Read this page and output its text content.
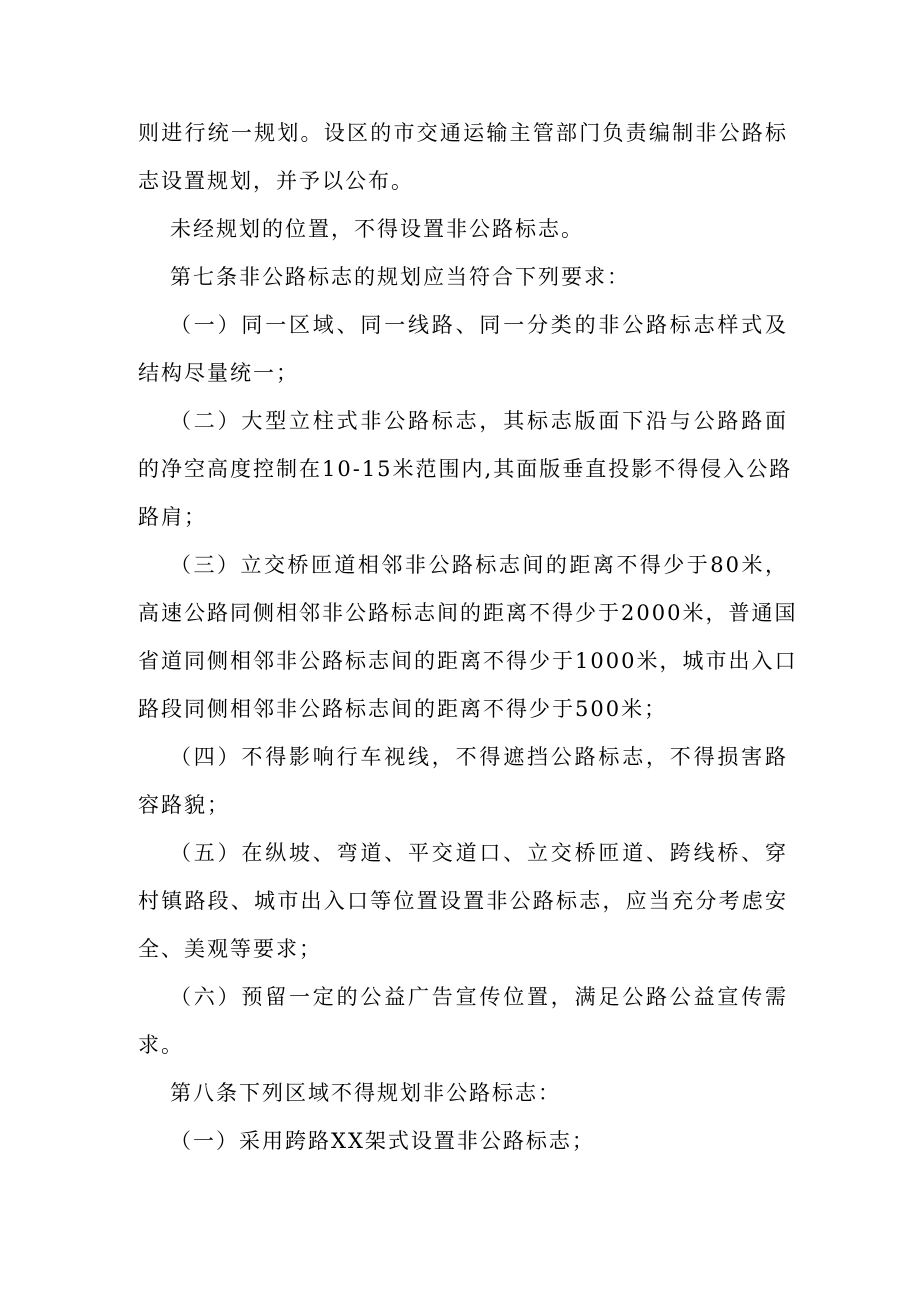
则进行统一规划。设区的市交通运输主管部门负责编制非公路标
志设置规划，并予以公布。
未经规划的位置，不得设置非公路标志。
第七条非公路标志的规划应当符合下列要求：
（一）同一区域、同一线路、同一分类的非公路标志样式及
结构尽量统一；
（二）大型立柱式非公路标志，其标志版面下沿与公路路面
的净空高度控制在10-15米范围内,其面版垂直投影不得侵入公路
路肩；
（三）立交桥匝道相邻非公路标志间的距离不得少于80米，
高速公路同侧相邻非公路标志间的距离不得少于2000米，普通国
省道同侧相邻非公路标志间的距离不得少于1000米，城市出入口
路段同侧相邻非公路标志间的距离不得少于500米；
（四）不得影响行车视线，不得遮挡公路标志，不得损害路
容路貌；
（五）在纵坡、弯道、平交道口、立交桥匝道、跨线桥、穿
村镇路段、城市出入口等位置设置非公路标志，应当充分考虑安
全、美观等要求；
（六）预留一定的公益广告宣传位置，满足公路公益宣传需
求。
第八条下列区域不得规划非公路标志：
（一）采用跨路XX架式设置非公路标志；
